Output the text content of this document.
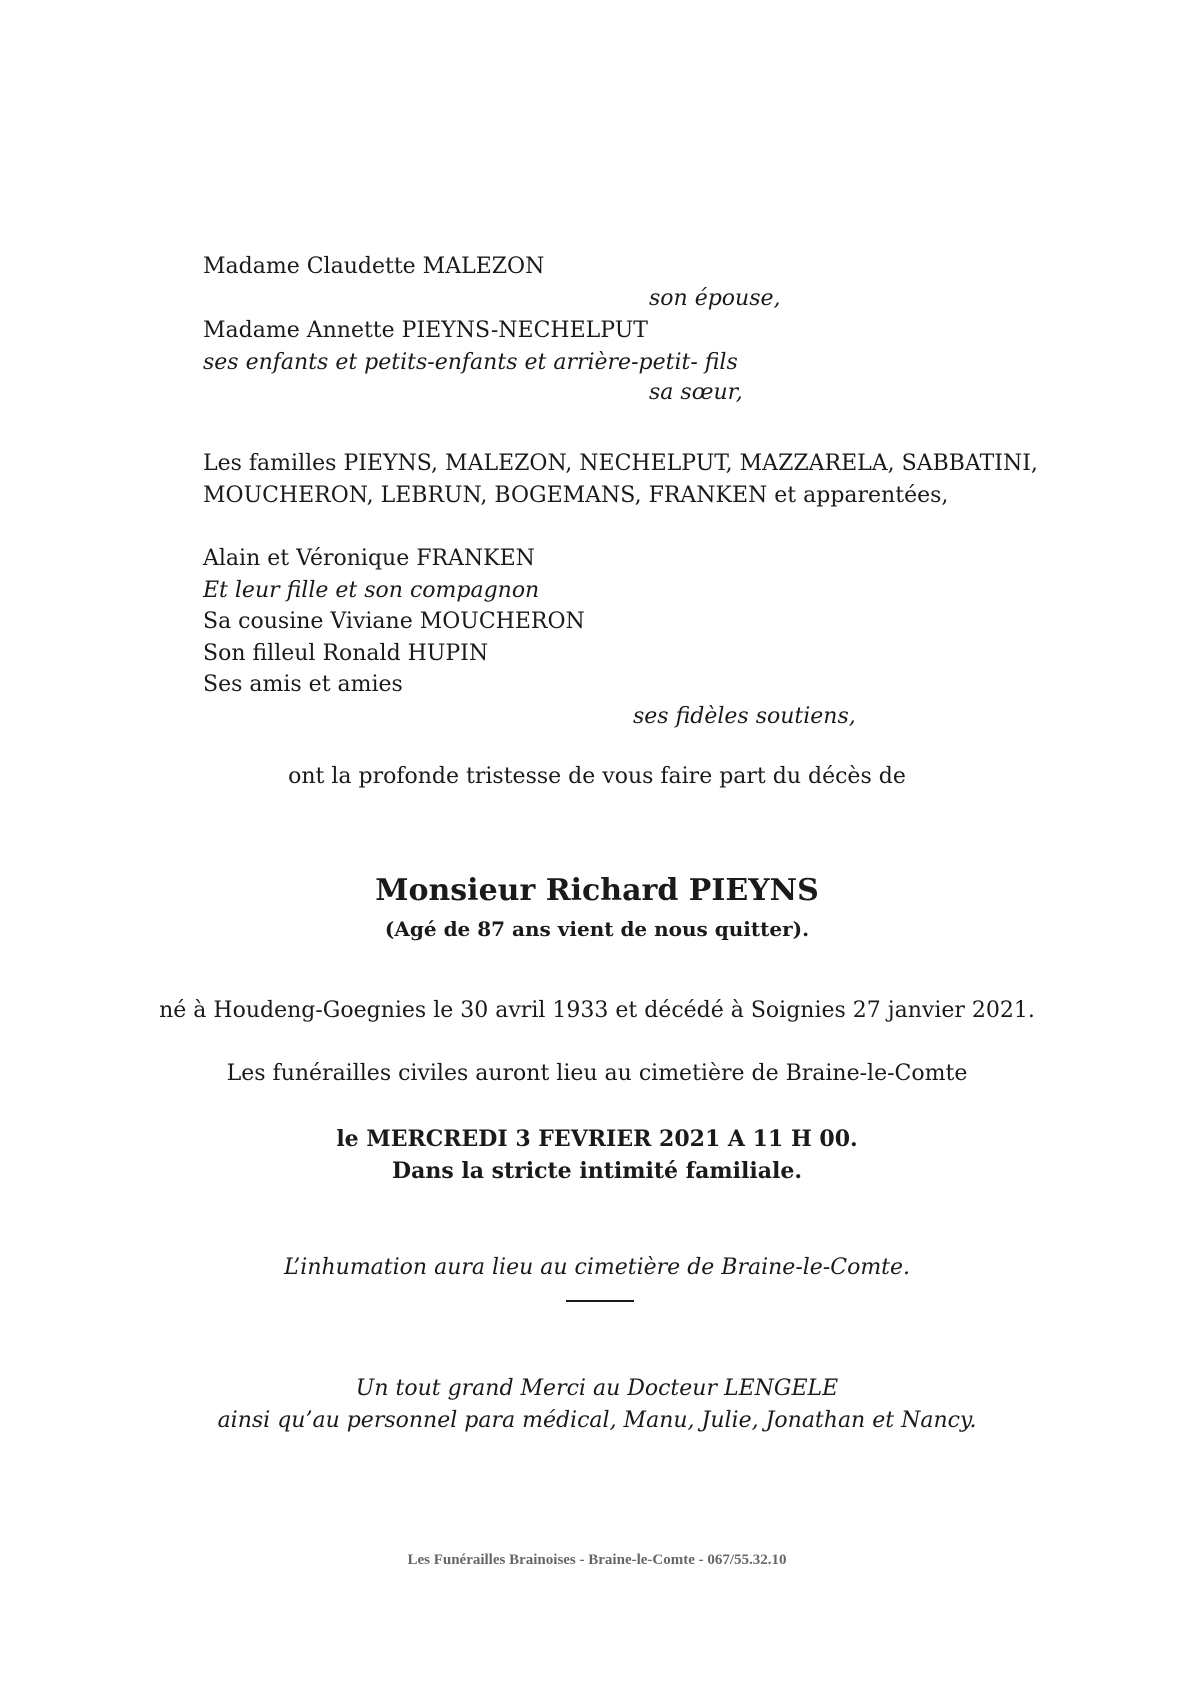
Madame Claudette MALEZON
son épouse,
Madame Annette PIEYNS-NECHELPUT
ses enfants et petits-enfants et arrière-petit- fils
sa sœur,
Les familles PIEYNS, MALEZON, NECHELPUT, MAZZARELA, SABBATINI,
MOUCHERON, LEBRUN, BOGEMANS, FRANKEN et apparentées,
Alain et Véronique FRANKEN
Et leur fille et son compagnon
Sa cousine Viviane MOUCHERON
Son filleul Ronald HUPIN
Ses amis et amies
ses fidèles soutiens,
ont la profonde tristesse de vous faire part du décès de
Monsieur Richard PIEYNS
(Agé de 87 ans vient de nous quitter).
né à Houdeng-Goegnies le 30 avril 1933 et décédé à Soignies 27 janvier 2021.
Les funérailles civiles auront lieu au cimetière de Braine-le-Comte
le MERCREDI 3 FEVRIER 2021 A 11 H 00.
Dans la stricte intimité familiale.
L’inhumation aura lieu au cimetière de Braine-le-Comte.
Un tout grand Merci au Docteur LENGELE
ainsi qu’au personnel para médical, Manu, Julie, Jonathan et Nancy.
Les Funérailles Brainoises - Braine-le-Comte - 067/55.32.10
